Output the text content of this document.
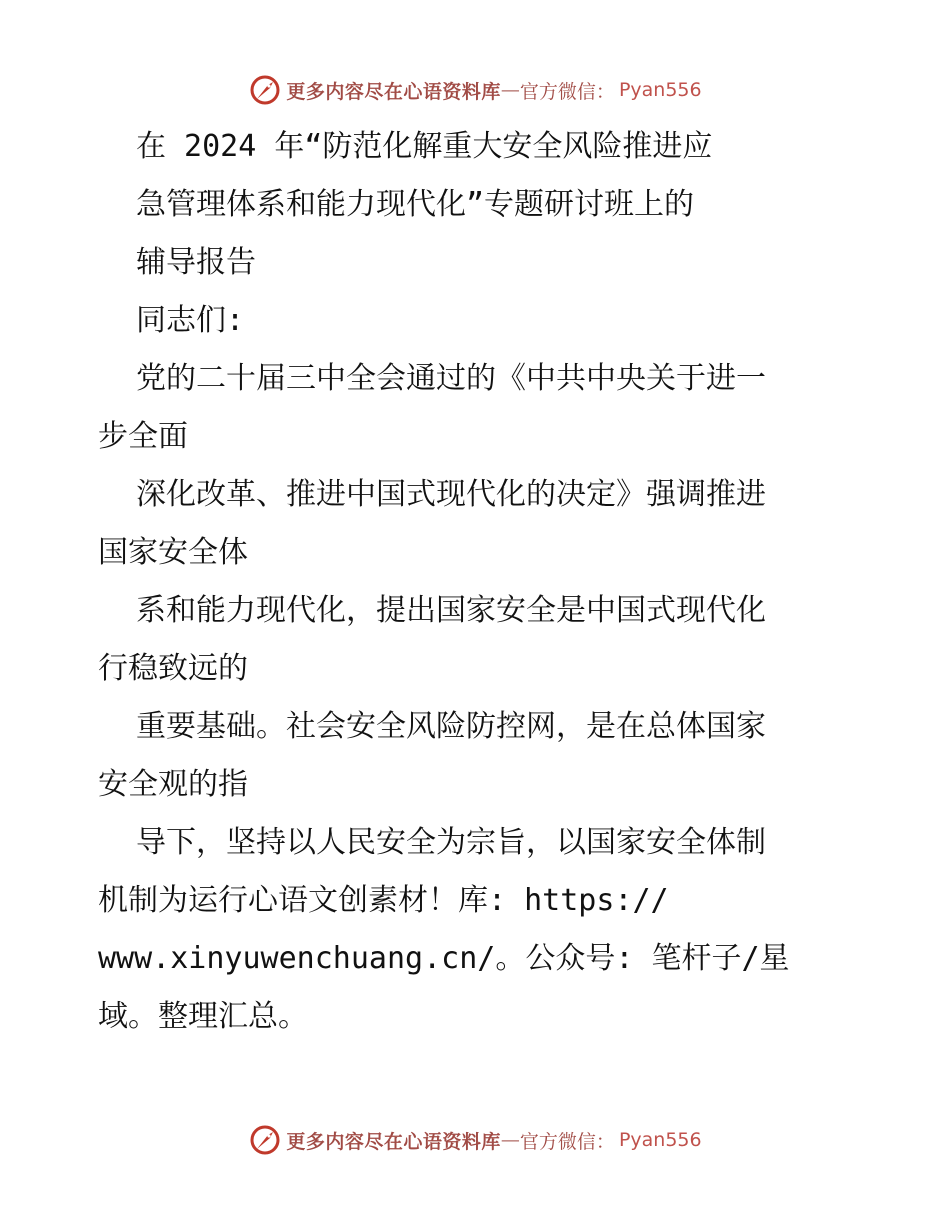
更多内容尽在心语资料库 — 官方微信： Pyan556
在 2024 年“防范化解重大安全风险推进应
急管理体系和能力现代化”专题研讨班上的
辅导报告
同志们:
党的二十届三中全会通过的《中共中央关于进一
步全面
深化改革、推进中国式现代化的决定》强调推进
国家安全体
系和能力现代化，提出国家安全是中国式现代化
行稳致远的
重要基础。社会安全风险防控网，是在总体国家
安全观的指
导下，坚持以人民安全为宗旨，以国家安全体制
机制为运行心语文创素材！库: https://
www.xinyuwenchuang.cn/。公众号: 笔杆子/星
域。整理汇总。
更多内容尽在心语资料库 — 官方微信： Pyan556
